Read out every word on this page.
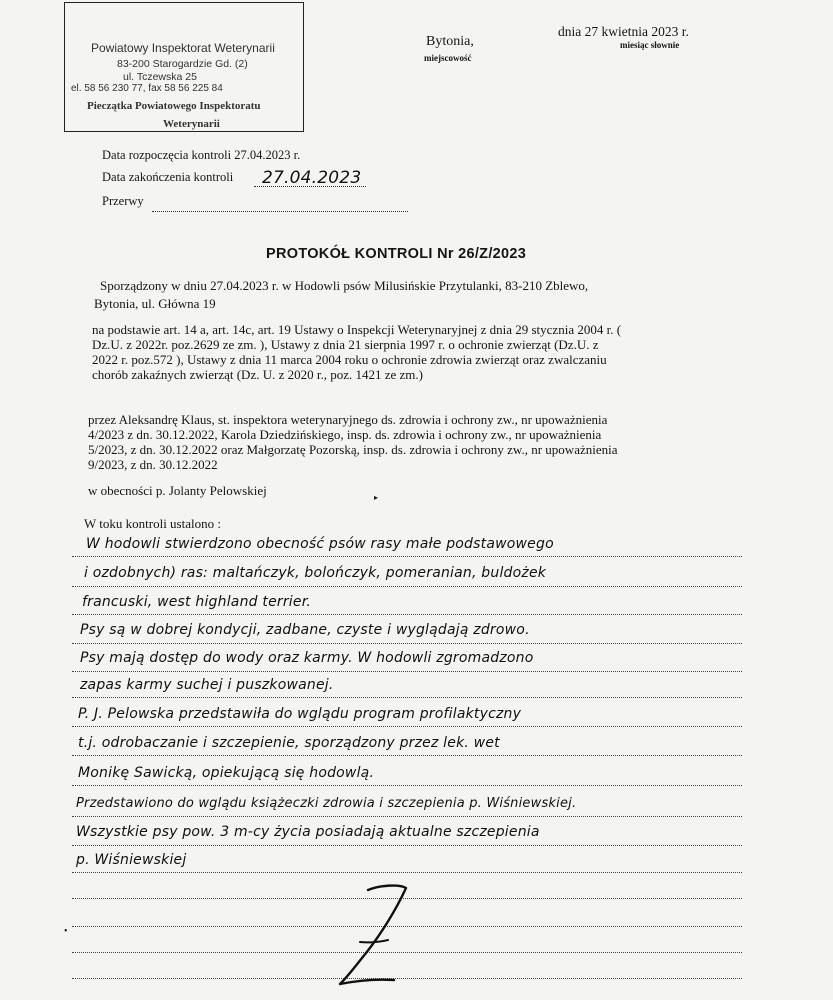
Powiatowy Inspektorat Weterynarii
83-200 Starogardzie Gd. (2)
ul. Tczewska 25
el. 58 56 230 77, fax 58 56 225 84
Pieczątka Powiatowego Inspektoratu
Weterynarii
Bytonia,
miejscowość
dnia 27 kwietnia 2023 r.
miesiąc słownie
Data rozpoczęcia kontroli 27.04.2023 r.
Data zakończenia kontroli 27.04.2023
Przerwy
PROTOKÓŁ KONTROLI Nr 26/Z/2023
Sporządzony w dniu 27.04.2023 r. w Hodowli psów Milusińskie Przytulanki, 83-210 Zblewo,
Bytonia, ul. Główna 19
na podstawie art. 14 a, art. 14c, art. 19 Ustawy o Inspekcji Weterynaryjnej z dnia 29 stycznia 2004 r. (
Dz.U. z 2022r. poz.2629 ze zm. ), Ustawy z dnia 21 sierpnia 1997 r. o ochronie zwierząt (Dz.U. z
2022 r. poz.572 ), Ustawy z dnia 11 marca 2004 roku o ochronie zdrowia zwierząt oraz zwalczaniu
chorób zakaźnych zwierząt (Dz. U. z 2020 r., poz. 1421 ze zm.)
przez Aleksandrę Klaus, st. inspektora weterynaryjnego ds. zdrowia i ochrony zw., nr upoważnienia
4/2023 z dn. 30.12.2022, Karola Dziedzińskiego, insp. ds. zdrowia i ochrony zw., nr upoważnienia
5/2023, z dn. 30.12.2022 oraz Małgorzatę Pozorską, insp. ds. zdrowia i ochrony zw., nr upoważnienia
9/2023, z dn. 30.12.2022
w obecności p. Jolanty Pelowskiej
W toku kontroli ustalono :
W hodowli stwierdzono obecność psów rasy małe podstawowego
i ozdobnych) ras: maltańczyk, bolończyk, pomeranian, buldożek
francuski, west highland terrier.
Psy są w dobrej kondycji, zadbane, czyste i wyglądają zdrowo.
Psy mają dostęp do wody oraz karmy. W hodowli zgromadzono
zapas karmy suchej i puszkowanej.
P. J. Pelowska przedstawiła do wglądu program profilaktyczny
t.j. odrobaczanie i szczepienie, sporządzony przez lek. wet
Monikę Sawicką, opiekującą się hodowlą.
Przedstawiono do wglądu książeczki zdrowia i szczepienia p. Wiśniewskiej.
Wszystkie psy pow. 3 m-cy życia posiadają aktualne szczepienia
p. Wiśniewskiej
•
▸
